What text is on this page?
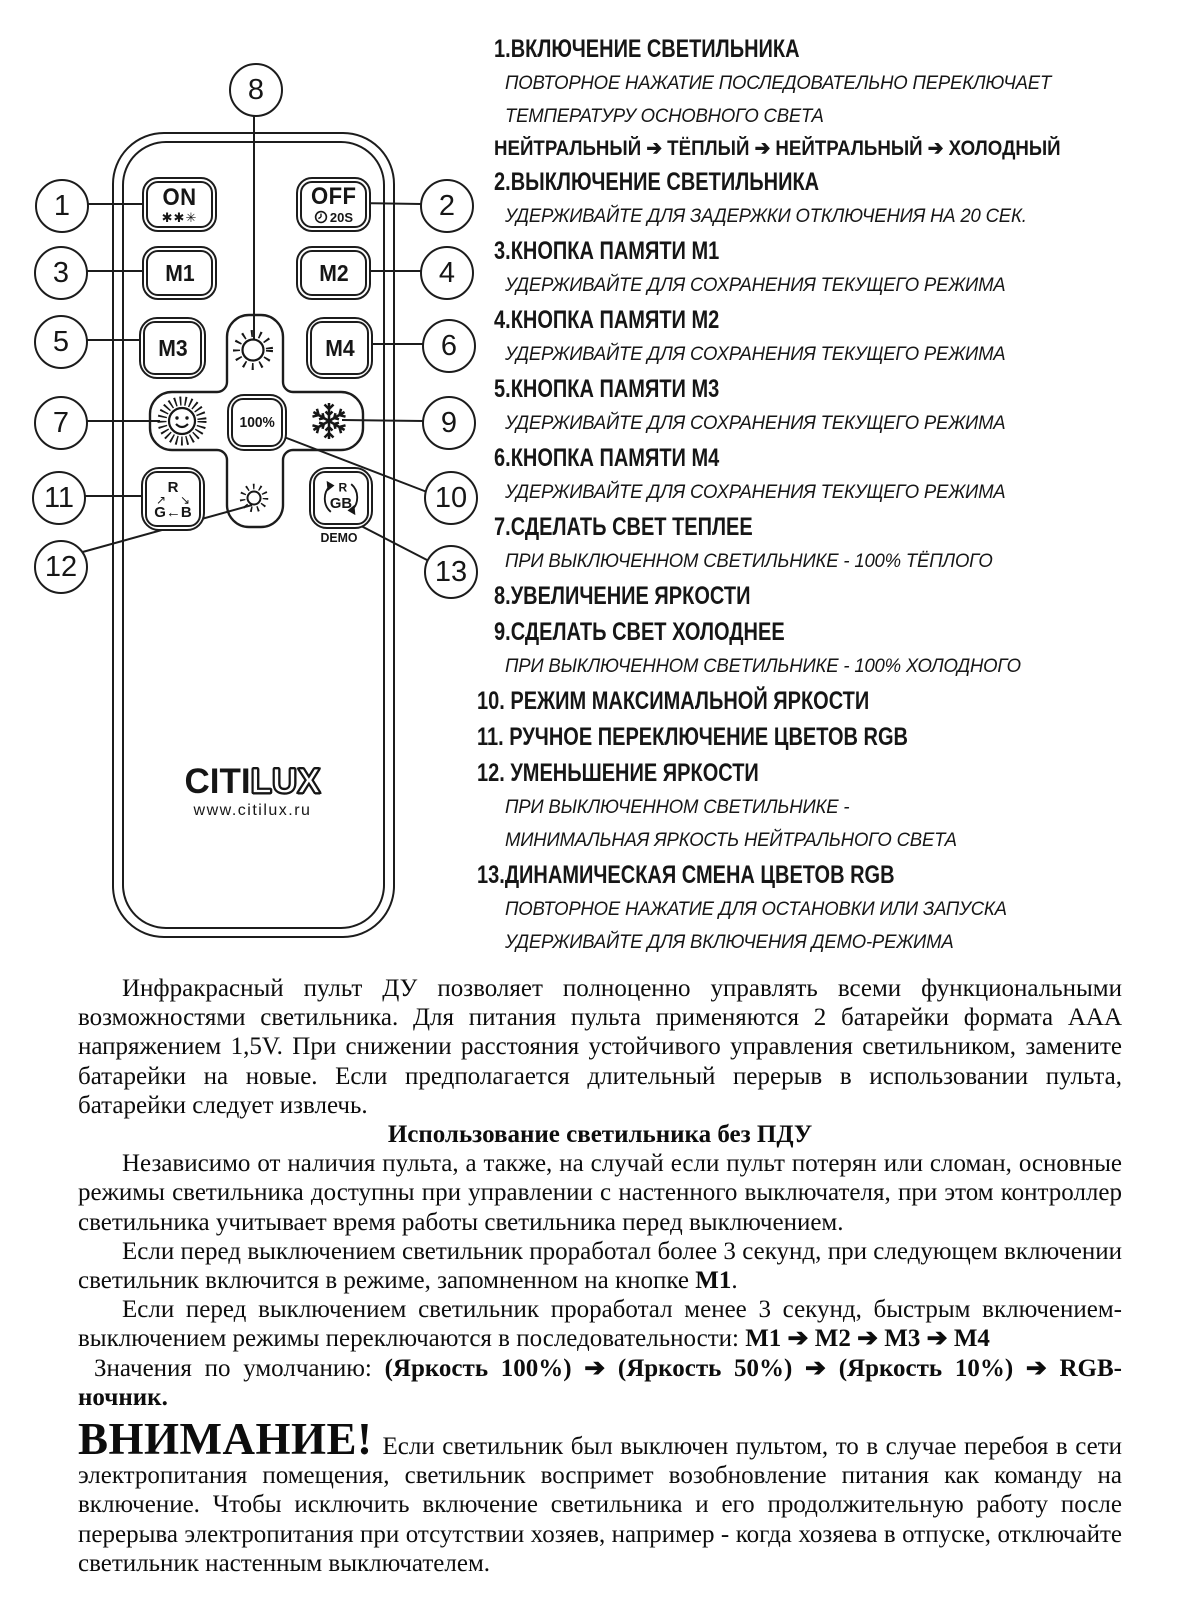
ON
✱✱✳
OFF
20S
M1	M2
M3	M4
100%
R
↗ ↘
G←B
R
GB
DEMO
CITILUX
www.citilux.ru
1	2
3	4
5	6
7
8
9
10
11
12	13
1.ВКЛЮЧЕНИЕ СВЕТИЛЬНИКА
ПОВТОРНОЕ НАЖАТИЕ ПОСЛЕДОВАТЕЛЬНО ПЕРЕКЛЮЧАЕТ
ТЕМПЕРАТУРУ ОСНОВНОГО СВЕТА
НЕЙТРАЛЬНЫЙ ➔ ТЁПЛЫЙ ➔ НЕЙТРАЛЬНЫЙ ➔ ХОЛОДНЫЙ
2.ВЫКЛЮЧЕНИЕ СВЕТИЛЬНИКА
УДЕРЖИВАЙТЕ ДЛЯ ЗАДЕРЖКИ ОТКЛЮЧЕНИЯ НА 20 СЕК.
3.КНОПКА ПАМЯТИ M1
УДЕРЖИВАЙТЕ ДЛЯ СОХРАНЕНИЯ ТЕКУЩЕГО РЕЖИМА
4.КНОПКА ПАМЯТИ M2
УДЕРЖИВАЙТЕ ДЛЯ СОХРАНЕНИЯ ТЕКУЩЕГО РЕЖИМА
5.КНОПКА ПАМЯТИ M3
УДЕРЖИВАЙТЕ ДЛЯ СОХРАНЕНИЯ ТЕКУЩЕГО РЕЖИМА
6.КНОПКА ПАМЯТИ M4
УДЕРЖИВАЙТЕ ДЛЯ СОХРАНЕНИЯ ТЕКУЩЕГО РЕЖИМА
7.СДЕЛАТЬ СВЕТ ТЕПЛЕЕ
ПРИ ВЫКЛЮЧЕННОМ СВЕТИЛЬНИКЕ - 100% ТЁПЛОГО
8.УВЕЛИЧЕНИЕ ЯРКОСТИ
9.СДЕЛАТЬ СВЕТ ХОЛОДНЕЕ
ПРИ ВЫКЛЮЧЕННОМ СВЕТИЛЬНИКЕ - 100% ХОЛОДНОГО
10. РЕЖИМ МАКСИМАЛЬНОЙ ЯРКОСТИ
11. РУЧНОЕ ПЕРЕКЛЮЧЕНИЕ ЦВЕТОВ RGB
12. УМЕНЬШЕНИЕ ЯРКОСТИ
ПРИ ВЫКЛЮЧЕННОМ СВЕТИЛЬНИКЕ -
МИНИМАЛЬНАЯ ЯРКОСТЬ НЕЙТРАЛЬНОГО СВЕТА
13.ДИНАМИЧЕСКАЯ СМЕНА ЦВЕТОВ RGB
ПОВТОРНОЕ НАЖАТИЕ ДЛЯ ОСТАНОВКИ ИЛИ ЗАПУСКА
УДЕРЖИВАЙТЕ ДЛЯ ВКЛЮЧЕНИЯ ДЕМО-РЕЖИМА

Инфракрасный пульт ДУ позволяет полноценно управлять всеми функциональными возможностями светильника. Для питания пульта применяются 2 батарейки формата AAA напряжением 1,5V. При снижении расстояния устойчивого управления светильником, замените батарейки на новые. Если предполагается длительный перерыв в использовании пульта, батарейки следует извлечь.

Использование светильника без ПДУ

Независимо от наличия пульта, а также, на случай если пульт потерян или сломан, основные режимы светильника доступны при управлении с настенного выключателя, при этом контроллер светильника учитывает время работы светильника перед выключением.

Если перед выключением светильник проработал более 3 секунд, при следующем включении светильник включится в режиме, запомненном на кнопке M1.

Если перед выключением светильник проработал менее 3 секунд, быстрым включением-выключением режимы переключаются в последовательности: M1 ➔ M2 ➔ M3 ➔ M4

Значения по умолчанию: (Яркость 100%) ➔ (Яркость 50%) ➔ (Яркость 10%) ➔ RGB-ночник.

ВНИМАНИЕ! Если светильник был выключен пультом, то в случае перебоя в сети электропитания помещения, светильник воспримет возобновление питания как команду на включение. Чтобы исключить включение светильника и его продолжительную работу после перерыва электропитания при отсутствии хозяев, например - когда хозяева в отпуске, отключайте светильник настенным выключателем.
